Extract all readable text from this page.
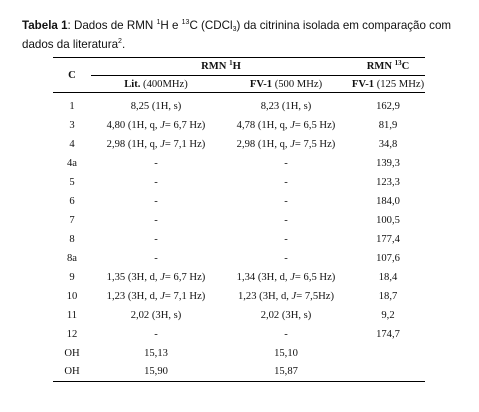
Tabela 1: Dados de RMN $^1$H e $^{13}$C (CDCl$_3$) da citrinina isolada em comparação com dados da literatura$^2$.
C	RMN $^1$H		RMN $^{13}$C
	Lit. (400MHz)	FV-1 (500 MHz)	FV-1 (125 MHz)
1	8,25 (1H, s)	8,23 (1H, s)	162,9
3	4,80 (1H, q, J= 6,7 Hz)	4,78 (1H, q, J= 6,5 Hz)	81,9
4	2,98 (1H, q, J= 7,1 Hz)	2,98 (1H, q, J= 7,5 Hz)	34,8
4a	-	-	139,3
5	-	-	123,3
6	-	-	184,0
7	-	-	100,5
8	-	-	177,4
8a	-	-	107,6
9	1,35 (3H, d, J= 6,7 Hz)	1,34 (3H, d, J= 6,5 Hz)	18,4
10	1,23 (3H, d, J= 7,1 Hz)	1,23 (3H, d, J= 7,5Hz)	18,7
11	2,02 (3H, s)	2,02 (3H, s)	9,2
12	-	-	174,7
OH	15,13	15,10	
OH	15,90	15,87	
